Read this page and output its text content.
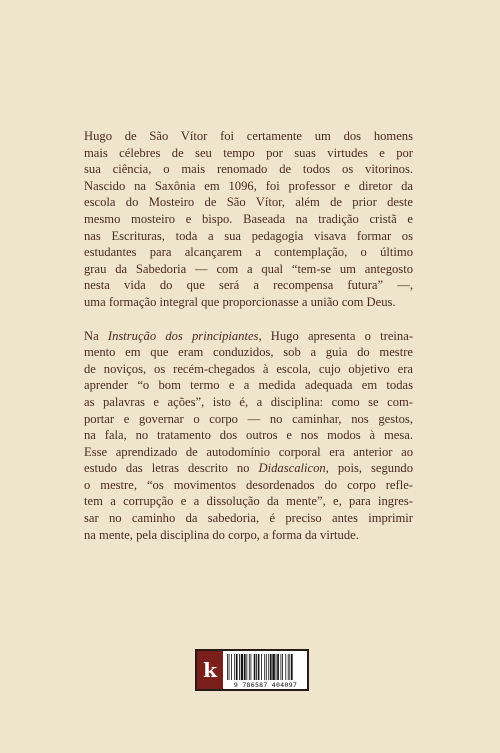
Hugo de São Vítor foi certamente um dos homens
mais célebres de seu tempo por suas virtudes e por
sua ciência, o mais renomado de todos os vitorinos.
Nascido na Saxônia em 1096, foi professor e diretor da
escola do Mosteiro de São Vítor, além de prior deste
mesmo mosteiro e bispo. Baseada na tradição cristã e
nas Escrituras, toda a sua pedagogia visava formar os
estudantes para alcançarem a contemplação, o último
grau da Sabedoria — com a qual “tem-se um antegosto
nesta vida do que será a recompensa futura” —,
uma formação integral que proporcionasse a união com Deus.

Na Instrução dos principiantes, Hugo apresenta o treina-
mento em que eram conduzidos, sob a guia do mestre
de noviços, os recém-chegados à escola, cujo objetivo era
aprender “o bom termo e a medida adequada em todas
as palavras e ações”, isto é, a disciplina: como se com-
portar e governar o corpo — no caminhar, nos gestos,
na fala, no tratamento dos outros e nos modos à mesa.
Esse aprendizado de autodomínio corporal era anterior ao
estudo das letras descrito no Didascalicon, pois, segundo
o mestre, “os movimentos desordenados do corpo refle-
tem a corrupção e a dissolução da mente”, e, para ingres-
sar no caminho da sabedoria, é preciso antes imprimir
na mente, pela disciplina do corpo, a forma da virtude.

k
9 786587 404097
